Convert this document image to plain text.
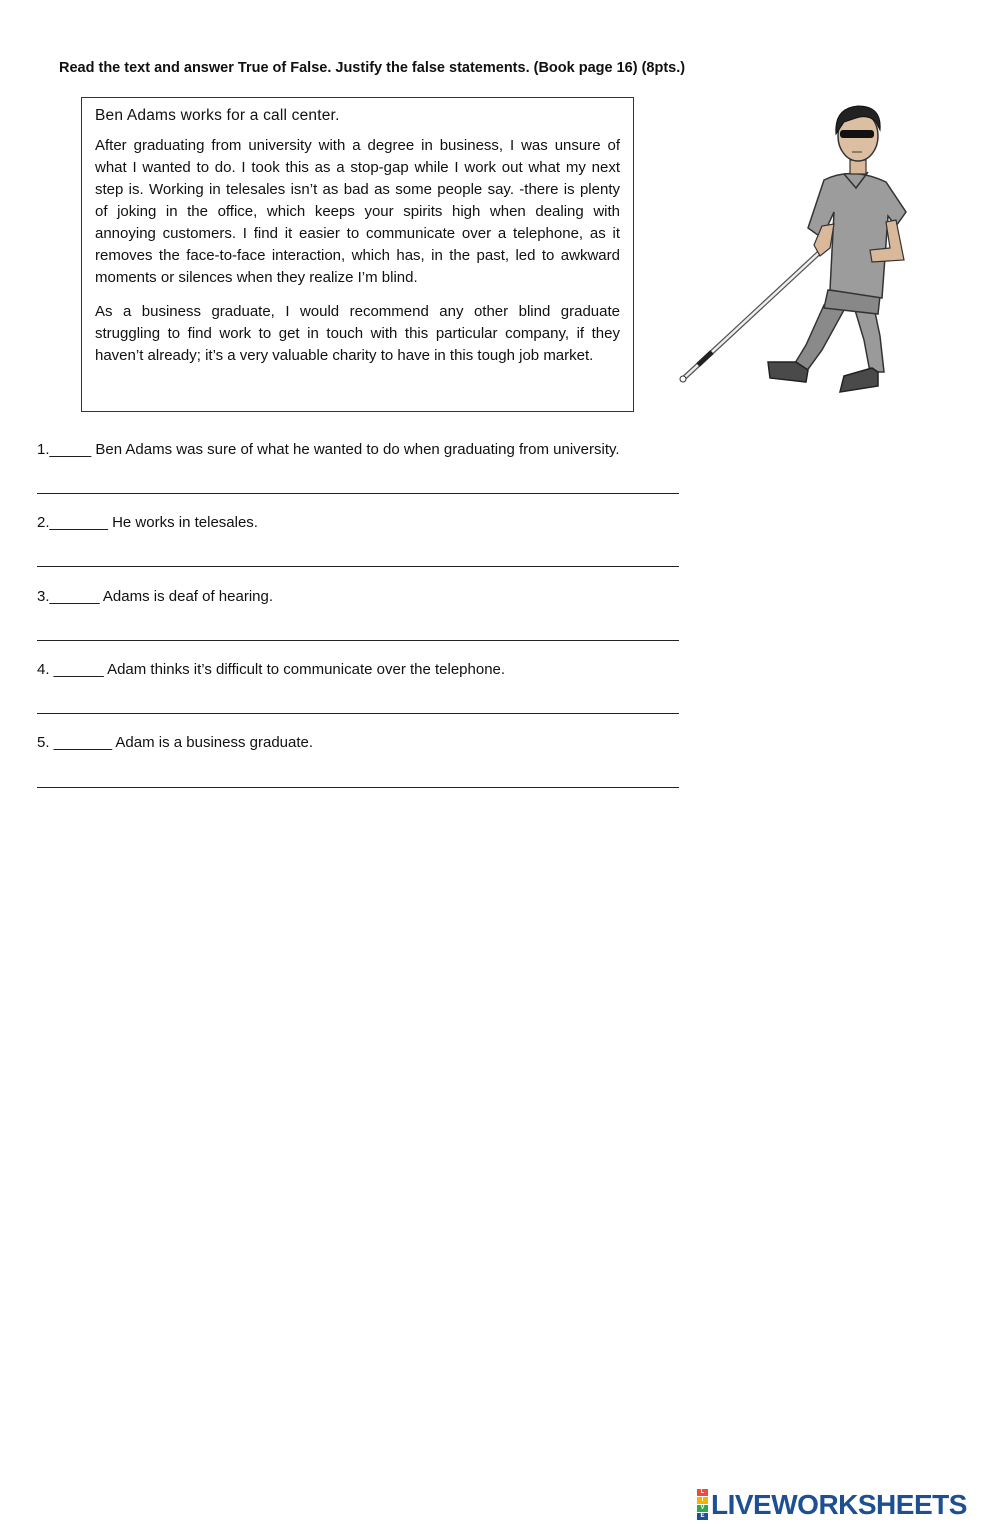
Read the text and answer True of False. Justify the false statements. (Book page 16) (8pts.)

Ben Adams works for a call center.

After graduating from university with a degree in business, I was unsure of what I wanted to do. I took this as a stop-gap while I work out what my next step is. Working in telesales isn’t as bad as some people say. -there is plenty of joking in the office, which keeps your spirits high when dealing with annoying customers. I find it easier to communicate over a telephone, as it removes the face-to-face interaction, which has, in the past, led to awkward moments or silences when they realize I’m blind.

As a business graduate, I would recommend any other blind graduate struggling to find work to get in touch with this particular company, if they haven’t already; it’s a very valuable charity to have in this tough job market.

1._____ Ben Adams was sure of what he wanted to do when graduating from university.
2._______ He works in telesales.
3.______ Adams is deaf of hearing.
4. ______ Adam thinks it’s difficult to communicate over the telephone.
5. _______ Adam is a business graduate.
L
I
V
E LIVEWORKSHEETS
